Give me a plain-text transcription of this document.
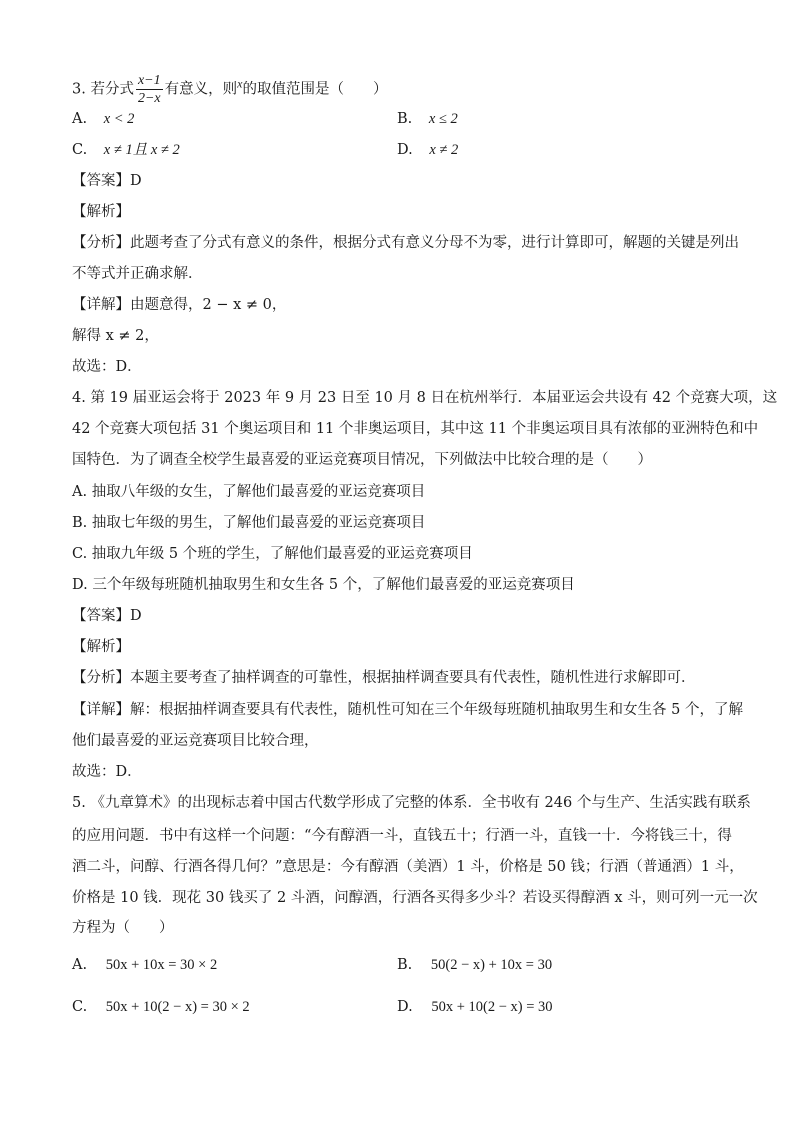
3. 若分式 $\frac{x-1}{2-x}$ 有意义，则$^x$的取值范围是（　　）
A. x < 2	B. x ≤ 2
C. x ≠ 1且 x ≠ 2	D. x ≠ 2
【答案】D
【解析】
【分析】此题考查了分式有意义的条件，根据分式有意义分母不为零，进行计算即可，解题的关键是列出
不等式并正确求解．
【详解】由题意得，2 − x ≠ 0，
解得 x ≠ 2，
故选：D．
4. 第 19 届亚运会将于 2023 年 9 月 23 日至 10 月 8 日在杭州举行．本届亚运会共设有 42 个竞赛大项，这
42 个竞赛大项包括 31 个奥运项目和 11 个非奥运项目，其中这 11 个非奥运项目具有浓郁的亚洲特色和中
国特色．为了调查全校学生最喜爱的亚运竞赛项目情况，下列做法中比较合理的是（　　）
A. 抽取八年级的女生，了解他们最喜爱的亚运竞赛项目
B. 抽取七年级的男生，了解他们最喜爱的亚运竞赛项目
C. 抽取九年级 5 个班的学生，了解他们最喜爱的亚运竞赛项目
D. 三个年级每班随机抽取男生和女生各 5 个，了解他们最喜爱的亚运竞赛项目
【答案】D
【解析】
【分析】本题主要考查了抽样调查的可靠性，根据抽样调查要具有代表性，随机性进行求解即可．
【详解】解：根据抽样调查要具有代表性，随机性可知在三个年级每班随机抽取男生和女生各 5 个，了解
他们最喜爱的亚运竞赛项目比较合理，
故选：D．
5. 《九章算术》的出现标志着中国古代数学形成了完整的体系．全书收有 246 个与生产、生活实践有联系
的应用问题．书中有这样一个问题：“今有醇酒一斗，直钱五十；行酒一斗，直钱一十．今将钱三十，得
酒二斗，问醇、行酒各得几何？”意思是：今有醇酒（美酒）1 斗，价格是 50 钱；行酒（普通酒）1 斗，
价格是 10 钱．现花 30 钱买了 2 斗酒，问醇酒，行酒各买得多少斗？若设买得醇酒 x 斗，则可列一元一次
方程为（　　）
A. 50x + 10x = 30 × 2	B. 50(2 − x) + 10x = 30
C. 50x + 10(2 − x) = 30 × 2	D. 50x + 10(2 − x) = 30
